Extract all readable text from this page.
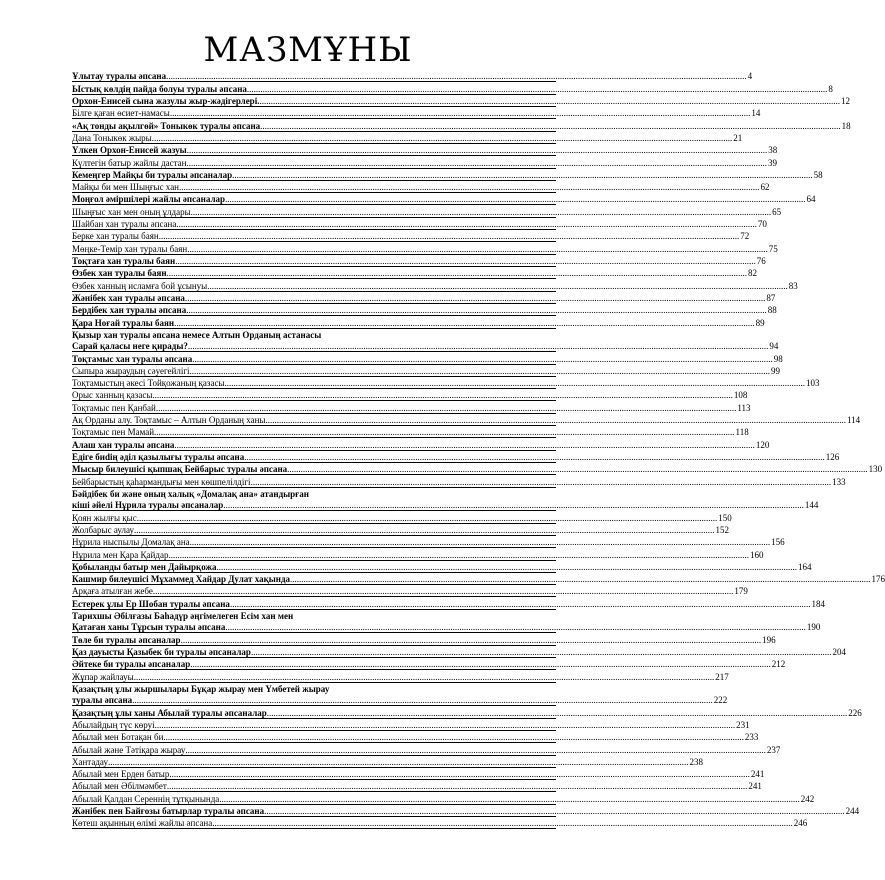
МАЗМҰНЫ
Ұлытау туралы әпсана .....	4
Ыстық көлдің пайда болуы туралы әпсана .....	8
Орхон-Енисей сына жазулы жыр-жәдігерлері. .....	12
Білге қаған өсиет-намасы .....	14
«Ақ тонды ақылгөй» Тоныкөк туралы әпсана .....	18
Дана Тоныкөк жыры .....	21
Үлкен Орхон-Енисей жазуы .....	38
Күлтегін батыр жайлы дастан .....	39
Кемеңгер Майқы би туралы әпсаналар .....	58
Майқы би мен Шыңғыс хан .....	62
Моңғол әміршілері жайлы әпсаналар .....	64
Шыңғыс хан мен оның ұлдары .....	65
Шайбан хан туралы әпсана .....	70
Берке хан туралы баян .....	72
Мөңке-Темір хан туралы баян .....	75
Тоқтаға хан туралы баян .....	76
Өзбек хан туралы баян .....	82
Өзбек ханның исламға бой ұсынуы .....	83
Жәнібек хан туралы әпсана .....	87
Бердібек хан туралы әпсана .....	88
Қара Ноғай туралы баян .....	89
Қызыр хан туралы әпсана немесе Алтын Орданың астанасы
Сарай қаласы неге қирады? .....	94
Тоқтамыс хан туралы әпсана .....	98
Сыпыра жыраудың сәуегейлігі .....	99
Тоқтамыстың әкесі Тойқожаның қазасы .....	103
Орыс ханның қазасы .....	108
Тоқтамыс пен Қанбай .....	113
Ақ Орданы алу. Тоқтамыс – Алтын Орданың ханы .....	114
Тоқтамыс пен Мамай .....	118
Алаш хан туралы әпсана .....	120
Едіге биdің әділ қазылығы туралы әпсана .....	126
Мысыр билеушісі қыпшақ Бейбарыс туралы әпсана .....	130
Бейбарыстың қаһармандығы мен көшпелілдігі .....	133
Бәйдібек би және оның халық «Домалақ ана» атандырған
кіші әйелі Нұрила туралы әпсаналар .....	144
Қоян жылғы қыс .....	150
Жолбарыс аулау .....	152
Нұрила ныспылы Домалақ ана .....	156
Нұрила мен Қара Қайдар .....	160
Қобыланды батыр мен Дайырқожа .....	164
Кашмир билеушісі Мұхаммед Хайдар Дулат хақында .....	176
Арқаға атылған жебе .....	179
Естерек ұлы Ер Шобан туралы әпсана .....	184
Тарихшы Әбілғазы Баһадүр әңгімелеген Есім хан мен
Қатаған ханы Тұрсын туралы әпсана .....	190
Төле би туралы әпсаналар .....	196
Қаз дауысты Қазыбек би туралы әпсаналар .....	204
Әйтеке би туралы әпсаналар .....	212
Жұпар жайлауы .....	217
Қазақтың ұлы жыршылары Бұқар жырау мен Үмбетей жырау
туралы әпсана .....	222
Қазақтың ұлы ханы Абылай туралы әпсаналар .....	226
Абылайдың түс көруі .....	231
Абылай мен Ботақан би .....	233
Абылай және Тәтіқара жырау .....	237
Хантадау .....	238
Абылай мен Ерден батыр .....	241
Абылай мен Әбілмәмбет .....	241
Абылай Қалдан Сереннің тұтқынында .....	242
Жәнібек пен Байғозы батырлар туралы әпсана .....	244
Көтеш ақынның өлімі жайлы әпсана .....	246
